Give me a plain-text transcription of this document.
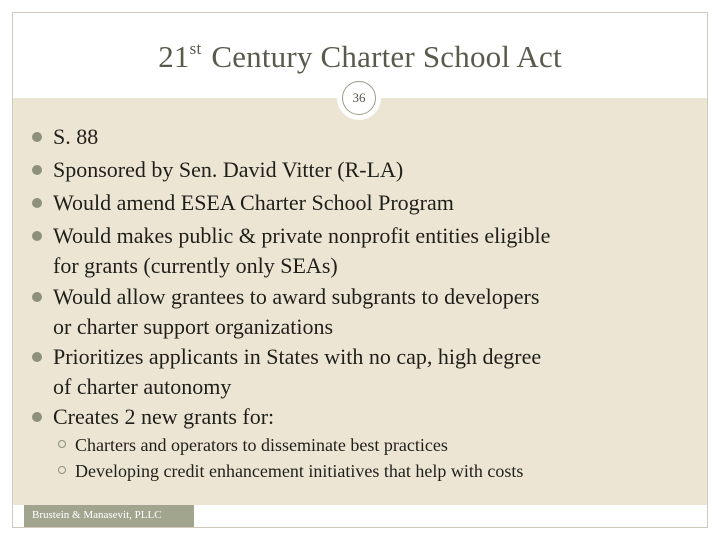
21st Century Charter School Act
S. 88
Sponsored by Sen. David Vitter (R-LA)
Would amend ESEA Charter School Program
Would makes public & private nonprofit entities eligible
for grants (currently only SEAs)
Would allow grantees to award subgrants to developers
or charter support organizations
Prioritizes applicants in States with no cap, high degree
of charter autonomy
Creates 2 new grants for:
Charters and operators to disseminate best practices
Developing credit enhancement initiatives that help with costs
36
Brustein & Manasevit, PLLC
